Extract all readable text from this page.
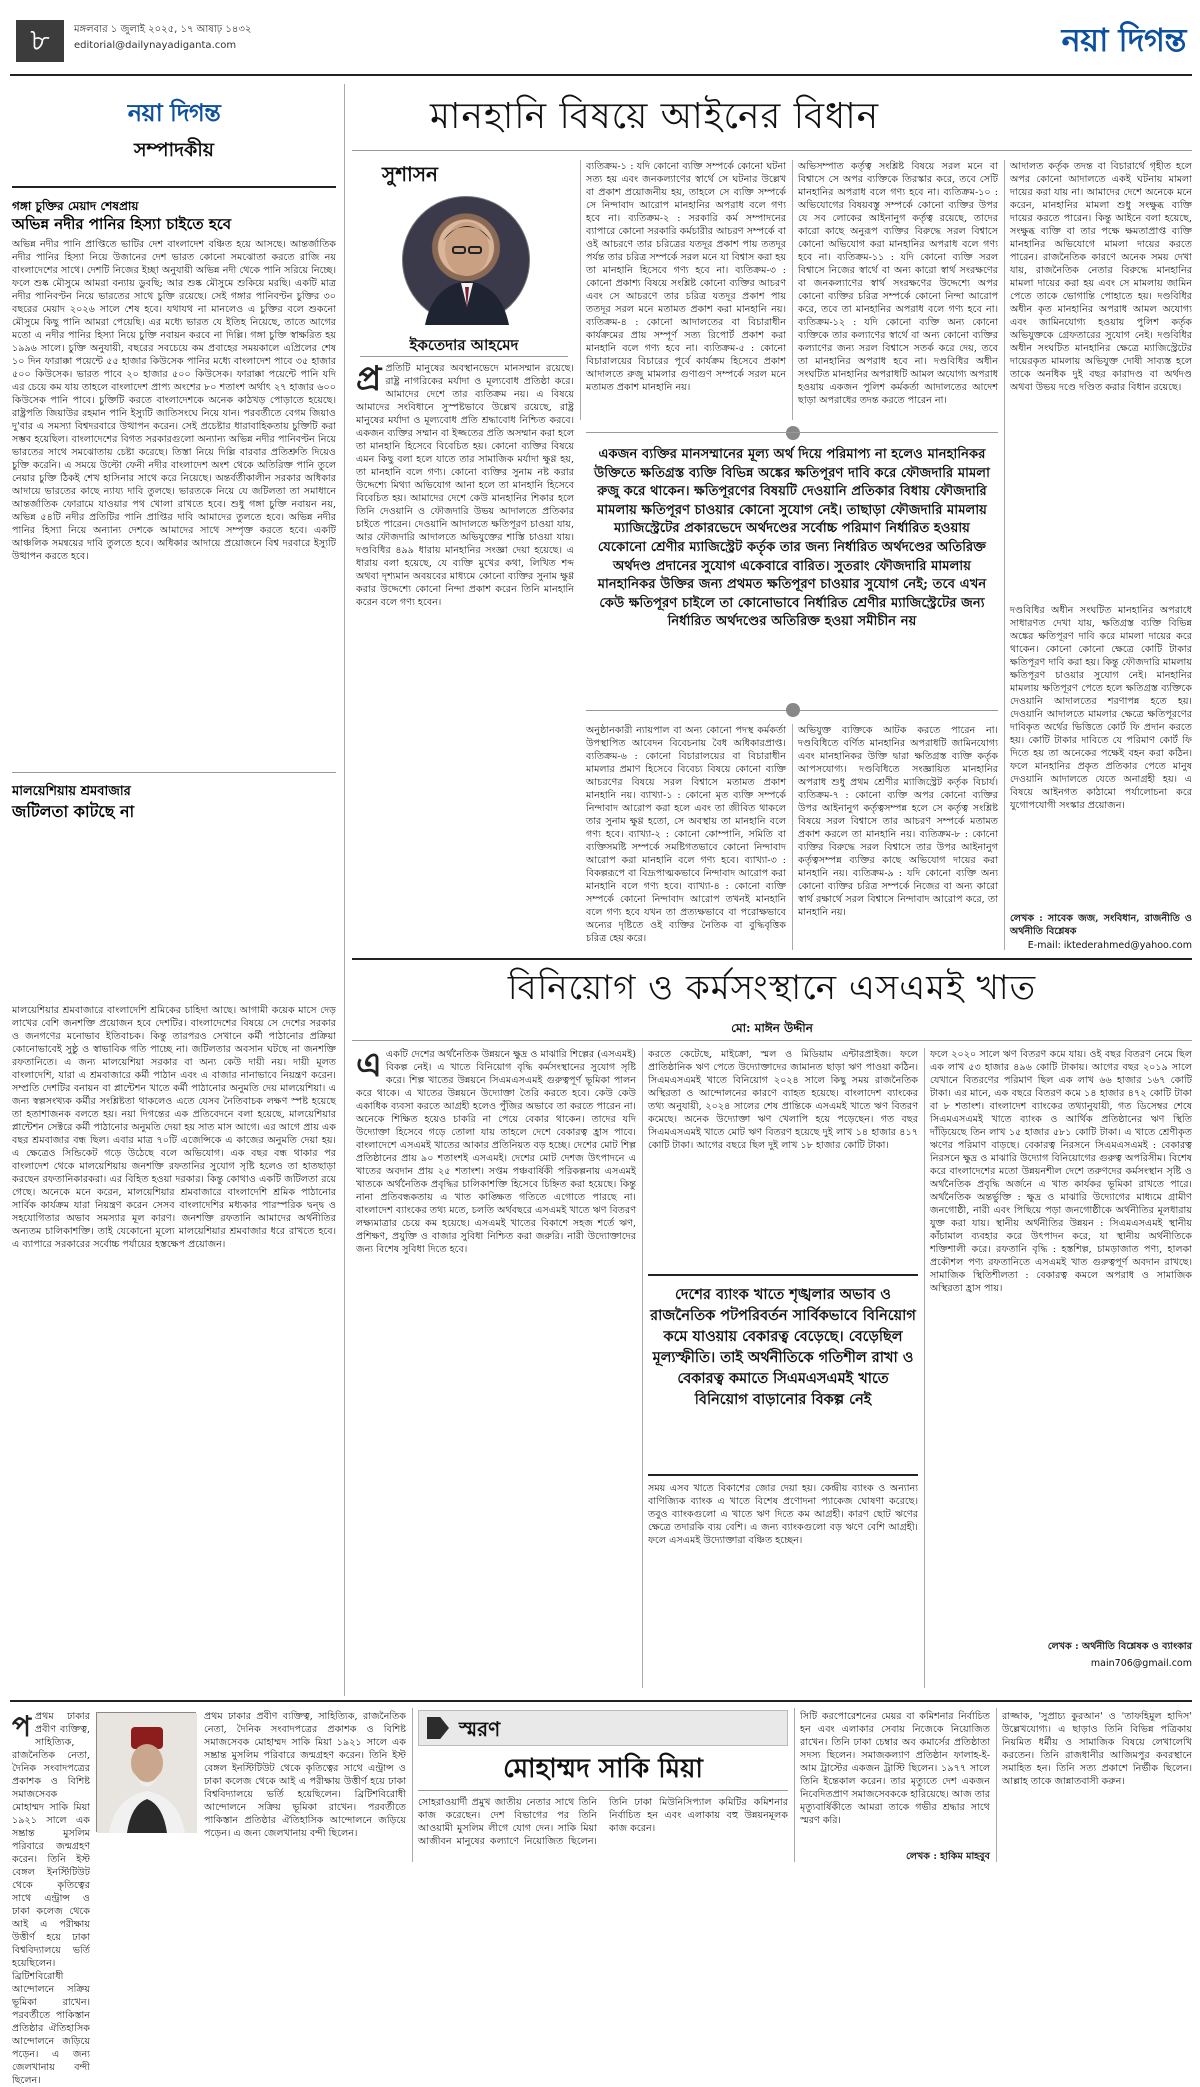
৮	মঙ্গলবার ১ জুলাই ২০২৫, ১৭ আষাঢ় ১৪৩২
editorial@dailynayadiganta.com	নয়া দিগন্ত
নয়া দিগন্ত
সম্পাদকীয়
গঙ্গা চুক্তির মেয়াদ শেষপ্রায়
অভিন্ন নদীর পানির হিস্যা চাইতে হবে
অভিন্ন নদীর পানি প্রাপ্তিতে ভাটির দেশ বাংলাদেশ বঞ্চিত হয়ে আসছে। আন্তর্জাতিক নদীর পানির হিস্যা নিয়ে উজানের দেশ ভারত কোনো সমঝোতা করতে রাজি নয় বাংলাদেশের সাথে। দেশটি নিজের ইচ্ছা অনুযায়ী অভিন্ন নদী থেকে পানি সরিয়ে নিচ্ছে। ফলে শুষ্ক মৌসুমে আমরা বন্যায় ডুবছি; আর শুষ্ক মৌসুমে শুকিয়ে মরছি। একটি মাত্র নদীর পানিবণ্টন নিয়ে ভারতের সাথে চুক্তি রয়েছে। সেই গঙ্গার পানিবণ্টন চুক্তির ৩০ বছরের মেয়াদ ২০২৬ সালে শেষ হবে। যথাযথ না মানলেও এ চুক্তির বলে শুকনো মৌসুমে কিছু পানি আমরা পেয়েছি। এর মধ্যে ভারত যে ইতিহ নিয়েছে, তাতে আগের মতো এ নদীর পানির হিস্যা নিয়ে চুক্তি নবায়ন করবে না দিল্লি। গঙ্গা চুক্তি স্বাক্ষরিত হয় ১৯৯৬ সালে। চুক্তি অনুযায়ী, বছরের সবচেয়ে কম প্রবাহের সময়কালে এপ্রিলের শেষ ১০ দিন ফারাক্কা পয়েন্টে ৫৫ হাজার কিউসেক পানির মধ্যে বাংলাদেশ পাবে ৩৫ হাজার ৫০০ কিউসেক। ভারত পাবে ২০ হাজার ৫০০ কিউসেক। ফারাক্কা পয়েন্টে পানি যদি এর চেয়ে কম যায় তাহলে বাংলাদেশ প্রাপ্য অংশের ৮০ শতাংশ অর্থাৎ ২৭ হাজার ৬০০ কিউসেক পানি পাবে। চুক্তিটি করতে বাংলাদেশকে অনেক কাঠখড় পোড়াতে হয়েছে। রাষ্ট্রপতি জিয়াউর রহমান পানি ইস্যুটি জাতিসংঘে নিয়ে যান। পরবর্তীতে বেগম জিয়াও দু'বার এ সমস্যা বিশ্বদরবারে উত্থাপন করেন। সেই প্রচেষ্টার ধারাবাহিকতায় চুক্তিটি করা সম্ভব হয়েছিল। বাংলাদেশের বিগত সরকারগুলো অন্যান্য অভিন্ন নদীর পানিবণ্টন নিয়ে ভারতের সাথে সমঝোতায় চেষ্টা করেছে। তিস্তা নিয়ে দিল্লি বারবার প্রতিশ্রুতি দিয়েও চুক্তি করেনি। এ সময়ে উল্টো ফেনী নদীর বাংলাদেশ অংশ থেকে অতিরিক্ত পানি তুলে নেয়ার চুক্তি ঠিকই শেখ হাসিনার সাথে করে নিয়েছে। অন্তর্বর্তীকালীন সরকার অধিকার আদায়ে ভারতের কাছে ন্যায্য দাবি তুলছে। ভারতকে নিয়ে যে জটিলতা তা সমাধানে আন্তর্জাতিক ফোরামে যাওয়ার পথ খোলা রাখতে হবে। শুধু গঙ্গা চুক্তি নবায়ন নয়, অভিন্ন ৫৪টি নদীর প্রতিটির পানি প্রাপ্তির দাবি আমাদের তুলতে হবে। অভিন্ন নদীর পানির হিস্যা নিয়ে অন্যান্য দেশকে আমাদের সাথে সম্পৃক্ত করতে হবে। একটি আঞ্চলিক সমন্বয়ের দাবি তুলতে হবে। অধিকার আদায়ে প্রয়োজনে বিশ্ব দরবারে ইস্যুটি উত্থাপন করতে হবে।
মালয়েশিয়ায় শ্রমবাজার
জটিলতা কাটছে না
মালয়েশিয়ার শ্রমবাজারে বাংলাদেশি শ্রমিকের চাহিদা আছে। আগামী কয়েক মাসে দেড় লাখের বেশি জনশক্তি প্রয়োজন হবে দেশটির। বাংলাদেশের বিষয়ে সে দেশের সরকার ও জনগণের মনোভাব ইতিবাচক। কিন্তু তারপরও সেখানে কর্মী পাঠানোর প্রক্রিয়া কোনোভাবেই সুষ্ঠু ও স্বাভাবিক গতি পাচ্ছে না। জটিলতার অবসান ঘটছে না জনশক্তি রফতানিতে। এ জন্য মালয়েশিয়া সরকার বা অন্য কেউ দায়ী নয়। দায়ী মূলত বাংলাদেশি, যারা এ শ্রমবাজারে কর্মী পাঠান এবং এ বাজার নানাভাবে নিয়ন্ত্রণ করেন। সম্প্রতি দেশটির বনায়ন বা প্লান্টেশন খাতে কর্মী পাঠানোর অনুমতি দেয় মালয়েশিয়া। এ জন্য স্বল্পসংখ্যক কর্মীর সংশ্লিষ্টতা থাকলেও এতে যেসব নৈতিবাচক লক্ষণ স্পষ্ট হয়েছে তা হতাশাজনক বলতে হয়। নয়া দিগন্তের এক প্রতিবেদনে বলা হয়েছে, মালয়েশিয়ার প্লান্টেশন সেক্টরে কর্মী পাঠানোর অনুমতি দেয়া হয় সাত মাস আগে। এর আগে প্রায় এক বছর শ্রমবাজার বন্ধ ছিল। এবার মাত্র ৭০টি এজেন্সিকে এ কাজের অনুমতি দেয়া হয়। এ ক্ষেত্রেও সিন্ডিকেট গড়ে উঠেছে বলে অভিযোগ। এক বছর বন্ধ থাকার পর বাংলাদেশ থেকে মালয়েশিয়ায় জনশক্তি রফতানির সুযোগ সৃষ্টি হলেও তা হাতছাড়া করছেন রফতানিকারকরা। এর বিহিত হওয়া দরকার। কিন্তু কোথাও একটি জটিলতা রয়ে গেছে। অনেকে মনে করেন, মালয়েশিয়ার শ্রমবাজারে বাংলাদেশি শ্রমিক পাঠানোর সার্বিক কার্যক্রম যারা নিয়ন্ত্রণ করেন সেসব বাংলাদেশির মধ্যকার পারস্পরিক দ্বন্দ্ব ও সহযোগিতার অভাব সমস্যার মূল কারণ। জনশক্তি রফতানি আমাদের অর্থনীতির অন্যতম চালিকাশক্তি। তাই যেকোনো মূল্যে মালয়েশিয়ার শ্রমবাজার ধরে রাখতে হবে। এ ব্যাপারে সরকারের সর্বোচ্চ পর্যায়ের হস্তক্ষেপ প্রয়োজন।
মানহানি বিষয়ে আইনের বিধান
সুশাসন
ইকতেদার আহমেদ
প্র প্রতিটি মানুষের অবস্থানভেদে মানসম্মান রয়েছে। রাষ্ট্র নাগরিকের মর্যাদা ও মূল্যবোধ প্রতিষ্ঠা করে। আমাদের দেশে তার ব্যতিক্রম নয়। এ বিষয়ে আমাদের সংবিধানে সুস্পষ্টভাবে উল্লেখ রয়েছে, রাষ্ট্র মানুষের মর্যাদা ও মূল্যবোধ প্রতি শ্রদ্ধাবোধ নিশ্চিত করবে। একজন ব্যক্তির সম্মান বা ইজ্জতের প্রতি অসম্মান করা হলে তা মানহানি হিসেবে বিবেচিত হয়। কোনো ব্যক্তির বিষয়ে এমন কিছু বলা হলে যাতে তার সামাজিক মর্যাদা ক্ষুণ্ণ হয়, তা মানহানি বলে গণ্য। কোনো ব্যক্তির সুনাম নষ্ট করার উদ্দেশ্যে মিথ্যা অভিযোগ আনা হলে তা মানহানি হিসেবে বিবেচিত হয়। আমাদের দেশে কেউ মানহানির শিকার হলে তিনি দেওয়ানি ও ফৌজদারি উভয় আদালতে প্রতিকার চাইতে পারেন। দেওয়ানি আদালতে ক্ষতিপূরণ চাওয়া যায়, আর ফৌজদারি আদালতে অভিযুক্তের শাস্তি চাওয়া যায়। দণ্ডবিধির ৪৯৯ ধারায় মানহানির সংজ্ঞা দেয়া হয়েছে। এ ধারায় বলা হয়েছে, যে ব্যক্তি মুখের কথা, লিখিত শব্দ অথবা দৃশ্যমান অবয়বের মাধ্যমে কোনো ব্যক্তির সুনাম ক্ষুণ্ণ করার উদ্দেশ্যে কোনো নিন্দা প্রকাশ করেন তিনি মানহানি করেন বলে গণ্য হবেন।
ব্যতিক্রম-১ : যদি কোনো ব্যক্তি সম্পর্কে কোনো ঘটনা সত্য হয় এবং জনকল্যাণের স্বার্থে সে ঘটনার উল্লেখ বা প্রকাশ প্রয়োজনীয় হয়, তাহলে সে ব্যক্তি সম্পর্কে সে নিন্দাবাদ আরোপ মানহানির অপরাধ বলে গণ্য হবে না। ব্যতিক্রম-২ : সরকারি কর্ম সম্পাদনের ব্যাপারে কোনো সরকারি কর্মচারীর আচরণ সম্পর্কে বা ওই আচরণে তার চরিত্রের যতদূর প্রকাশ পায় ততদূর পর্যন্ত তার চরিত্র সম্পর্কে সরল মনে যা বিশ্বাস করা হয় তা মানহানি হিসেবে গণ্য হবে না। ব্যতিক্রম-৩ : কোনো প্রকাশ্য বিষয়ে সংশ্লিষ্ট কোনো ব্যক্তির আচরণ এবং সে আচরণে তার চরিত্র যতদূর প্রকাশ পায় ততদূর সরল মনে মতামত প্রকাশ করা মানহানি নয়। ব্যতিক্রম-৪ : কোনো আদালতের বা বিচারাধীন কার্যক্রমের প্রায় সম্পূর্ণ সত্য রিপোর্ট প্রকাশ করা মানহানি বলে গণ্য হবে না। ব্যতিক্রম-৫ : কোনো বিচারালয়ের বিচারের পূর্বে কার্যক্রম হিসেবে প্রকাশ আদালতে রুজু মামলার গুণাগুণ সম্পর্কে সরল মনে মতামত প্রকাশ মানহানি নয়।
অভিসম্পাত কর্তৃত্ব সংশ্লিষ্ট বিষয়ে সরল মনে বা বিশ্বাসে সে অপর ব্যক্তিকে তিরস্কার করে, তবে সেটি মানহানির অপরাধ বলে গণ্য হবে না। ব্যতিক্রম-১০ : অভিযোগের বিষয়বস্তু সম্পর্কে কোনো ব্যক্তির উপর যে সব লোকের আইনানুগ কর্তৃত্ব রয়েছে, তাদের কারো কাছে অনুরূপ ব্যক্তির বিরুদ্ধে সরল বিশ্বাসে কোনো অভিযোগ করা মানহানির অপরাধ বলে গণ্য হবে না। ব্যতিক্রম-১১ : যদি কোনো ব্যক্তি সরল বিশ্বাসে নিজের স্বার্থে বা অন্য কারো স্বার্থ সংরক্ষণের বা জনকল্যাণের স্বার্থ সংরক্ষণের উদ্দেশ্যে অপর কোনো ব্যক্তির চরিত্র সম্পর্কে কোনো নিন্দা আরোপ করে, তবে তা মানহানির অপরাধ বলে গণ্য হবে না। ব্যতিক্রম-১২ : যদি কোনো ব্যক্তি অন্য কোনো ব্যক্তিকে তার কল্যাণের স্বার্থে বা অন্য কোনো ব্যক্তির কল্যাণের জন্য সরল বিশ্বাসে সতর্ক করে দেয়, তবে তা মানহানির অপরাধ হবে না। দণ্ডবিধির অধীন সংঘটিত মানহানির অপরাধটি আমল অযোগ্য অপরাধ হওয়ায় একজন পুলিশ কর্মকর্তা আদালতের আদেশ ছাড়া অপরাধের তদন্ত করতে পারেন না।
আদালত কর্তৃক তদন্ত বা বিচারার্থে গৃহীত হলে অপর কোনো আদালতে একই ঘটনায় মামলা দায়ের করা যায় না। আমাদের দেশে অনেকে মনে করেন, মানহানির মামলা শুধু সংক্ষুব্ধ ব্যক্তি দায়ের করতে পারেন। কিন্তু আইনে বলা হয়েছে, সংক্ষুব্ধ ব্যক্তি বা তার পক্ষে ক্ষমতাপ্রাপ্ত ব্যক্তি মানহানির অভিযোগে মামলা দায়ের করতে পারেন। রাজনৈতিক কারণে অনেক সময় দেখা যায়, রাজনৈতিক নেতার বিরুদ্ধে মানহানির মামলা দায়ের করা হয় এবং সে মামলায় জামিন পেতে তাকে ভোগান্তি পোহাতে হয়। দণ্ডবিধির অধীন কৃত মানহানির অপরাধ আমল অযোগ্য এবং জামিনযোগ্য হওয়ায় পুলিশ কর্তৃক অভিযুক্তকে গ্রেফতারের সুযোগ নেই। দণ্ডবিধির অধীন সংঘটিত মানহানির ক্ষেত্রে ম্যাজিস্ট্রেটের দায়েরকৃত মামলায় অভিযুক্ত দোষী সাব্যস্ত হলে তাকে অনধিক দুই বছর কারাদণ্ড বা অর্থদণ্ড অথবা উভয় দণ্ডে দণ্ডিত করার বিধান রয়েছে।
একজন ব্যক্তির মানসম্মানের মূল্য অর্থ দিয়ে পরিমাপ্য না হলেও মানহানিকর উক্তিতে ক্ষতিগ্রস্ত ব্যক্তি বিভিন্ন অঙ্কের ক্ষতিপূরণ দাবি করে ফৌজদারি মামলা রুজু করে থাকেন। ক্ষতিপূরণের বিষয়টি দেওয়ানি প্রতিকার বিধায় ফৌজদারি মামলায় ক্ষতিপূরণ চাওয়ার কোনো সুযোগ নেই। তাছাড়া ফৌজদারি মামলায় ম্যাজিস্ট্রেটের প্রকারভেদে অর্থদণ্ডের সর্বোচ্চ পরিমাণ নির্ধারিত হওয়ায় যেকোনো শ্রেণীর ম্যাজিস্ট্রেট কর্তৃক তার জন্য নির্ধারিত অর্থদণ্ডের অতিরিক্ত অর্থদণ্ড প্রদানের সুযোগ একেবারে বারিত। সুতরাং ফৌজদারি মামলায় মানহানিকর উক্তির জন্য প্রথমত ক্ষতিপূরণ চাওয়ার সুযোগ নেই; তবে এখন কেউ ক্ষতিপূরণ চাইলে তা কোনোভাবে নির্ধারিত শ্রেণীর ম্যাজিস্ট্রেটের জন্য নির্ধারিত অর্থদণ্ডের অতিরিক্ত হওয়া সমীচীন নয়
অনুষ্ঠানকারী ন্যায়পাল বা অন্য কোনো পদস্থ কর্মকর্তা উপস্থাপিত আবেদন বিবেচনায় বৈধ অধিকারপ্রাপ্ত। ব্যতিক্রম-৬ : কোনো বিচারালয়ের বা বিচারাধীন মামলার প্রমাণ হিসেবে বিবেচ্য বিষয়ে কোনো ব্যক্তি আচরণের বিষয়ে সরল বিশ্বাসে মতামত প্রকাশ মানহানি নয়। ব্যাখ্যা-১ : কোনো মৃত ব্যক্তি সম্পর্কে নিন্দাবাদ আরোপ করা হলে এবং তা জীবিত থাকলে তার সুনাম ক্ষুণ্ণ হতো, সে অবস্থায় তা মানহানি বলে গণ্য হবে। ব্যাখ্যা-২ : কোনো কোম্পানি, সমিতি বা ব্যক্তিসমষ্টি সম্পর্কে সমষ্টিগতভাবে কোনো নিন্দাবাদ আরোপ করা মানহানি বলে গণ্য হবে। ব্যাখ্যা-৩ : বিকল্পরূপে বা বিদ্রূপাত্মকভাবে নিন্দাবাদ আরোপ করা মানহানি বলে গণ্য হবে। ব্যাখ্যা-৪ : কোনো ব্যক্তি সম্পর্কে কোনো নিন্দাবাদ আরোপ তখনই মানহানি বলে গণ্য হবে যখন তা প্রত্যক্ষভাবে বা পরোক্ষভাবে অন্যের দৃষ্টিতে ওই ব্যক্তির নৈতিক বা বুদ্ধিবৃত্তিক চরিত্র হেয় করে।
অভিযুক্ত ব্যক্তিকে আটক করতে পারেন না। দণ্ডবিধিতে বর্ণিত মানহানির অপরাধটি জামিনযোগ্য এবং মানহানিকর উক্তি দ্বারা ক্ষতিগ্রস্ত ব্যক্তি কর্তৃক আপসযোগ্য। দণ্ডবিধিতে সংজ্ঞায়িত মানহানির অপরাধ শুধু প্রথম শ্রেণীর ম্যাজিস্ট্রেট কর্তৃক বিচার্য। ব্যতিক্রম-৭ : কোনো ব্যক্তি অপর কোনো ব্যক্তির উপর আইনানুগ কর্তৃত্বসম্পন্ন হলে সে কর্তৃত্ব সংশ্লিষ্ট বিষয়ে সরল বিশ্বাসে তার আচরণ সম্পর্কে মতামত প্রকাশ করলে তা মানহানি নয়। ব্যতিক্রম-৮ : কোনো ব্যক্তির বিরুদ্ধে সরল বিশ্বাসে তার উপর আইনানুগ কর্তৃত্বসম্পন্ন ব্যক্তির কাছে অভিযোগ দায়ের করা মানহানি নয়। ব্যতিক্রম-৯ : যদি কোনো ব্যক্তি অন্য কোনো ব্যক্তির চরিত্র সম্পর্কে নিজের বা অন্য কারো স্বার্থ রক্ষার্থে সরল বিশ্বাসে নিন্দাবাদ আরোপ করে, তা মানহানি নয়।
দণ্ডবিধির অধীন সংঘটিত মানহানির অপরাধে সাধারণত দেখা যায়, ক্ষতিগ্রস্ত ব্যক্তি বিভিন্ন অঙ্কের ক্ষতিপূরণ দাবি করে মামলা দায়ের করে থাকেন। কোনো কোনো ক্ষেত্রে কোটি টাকার ক্ষতিপূরণ দাবি করা হয়। কিন্তু ফৌজদারি মামলায় ক্ষতিপূরণ চাওয়ার সুযোগ নেই। মানহানির মামলায় ক্ষতিপূরণ পেতে হলে ক্ষতিগ্রস্ত ব্যক্তিকে দেওয়ানি আদালতের শরণাপন্ন হতে হয়। দেওয়ানি আদালতে মামলার ক্ষেত্রে ক্ষতিপূরণের দাবিকৃত অর্থের ভিত্তিতে কোর্ট ফি প্রদান করতে হয়। কোটি টাকার দাবিতে যে পরিমাণ কোর্ট ফি দিতে হয় তা অনেকের পক্ষেই বহন করা কঠিন। ফলে মানহানির প্রকৃত প্রতিকার পেতে মানুষ দেওয়ানি আদালতে যেতে অনাগ্রহী হয়। এ বিষয়ে আইনগত কাঠামো পর্যালোচনা করে যুগোপযোগী সংস্কার প্রয়োজন।
লেখক : সাবেক জজ, সংবিধান, রাজনীতি ও অর্থনীতি বিশ্লেষক
E-mail: iktederahmed@yahoo.com
বিনিয়োগ ও কর্মসংস্থানে এসএমই খাত
মো: মাঈন উদ্দীন
এএকটি দেশের অর্থনৈতিক উন্নয়নে ক্ষুদ্র ও মাঝারি শিল্পের (এসএমই) বিকল্প নেই। এ খাতে বিনিয়োগ বৃদ্ধি কর্মসংস্থানের সুযোগ সৃষ্টি করে। শিল্প খাতের উন্নয়নে সিএমএসএমই গুরুত্বপূর্ণ ভূমিকা পালন করে থাকে। এ খাতের উন্নয়নে উদ্যোক্তা তৈরি করতে হবে। কেউ কেউ একাধিক ব্যবসা করতে আগ্রহী হলেও পুঁজির অভাবে তা করতে পারেন না। অনেকে শিক্ষিত হয়েও চাকরি না পেয়ে বেকার থাকেন। তাদের যদি উদ্যোক্তা হিসেবে গড়ে তোলা যায় তাহলে দেশে বেকারত্ব হ্রাস পাবে। বাংলাদেশে এসএমই খাতের আকার প্রতিনিয়ত বড় হচ্ছে। দেশের মোট শিল্প প্রতিষ্ঠানের প্রায় ৯০ শতাংশই এসএমই। দেশের মোট দেশজ উৎপাদনে এ খাতের অবদান প্রায় ২৫ শতাংশ। সপ্তম পঞ্চবার্ষিকী পরিকল্পনায় এসএমই খাতকে অর্থনৈতিক প্রবৃদ্ধির চালিকাশক্তি হিসেবে চিহ্নিত করা হয়েছে। কিন্তু নানা প্রতিবন্ধকতায় এ খাত কাঙ্ক্ষিত গতিতে এগোতে পারছে না। বাংলাদেশ ব্যাংকের তথ্য মতে, চলতি অর্থবছরে এসএমই খাতে ঋণ বিতরণ লক্ষ্যমাত্রার চেয়ে কম হয়েছে। এসএমই খাতের বিকাশে সহজ শর্তে ঋণ, প্রশিক্ষণ, প্রযুক্তি ও বাজার সুবিধা নিশ্চিত করা জরুরি। নারী উদ্যোক্তাদের জন্য বিশেষ সুবিধা দিতে হবে।
করতে কেটেছে, মাইক্রো, স্মল ও মিডিয়াম এন্টারপ্রাইজ। ফলে প্রাতিষ্ঠানিক ঋণ পেতে উদ্যোক্তাদের জামানত ছাড়া ঋণ পাওয়া কঠিন। সিএমএসএমই খাতে বিনিয়োগ ২০২৪ সালে কিছু সময় রাজনৈতিক অস্থিরতা ও আন্দোলনের কারণে ব্যাহত হয়েছে। বাংলাদেশ ব্যাংকের তথ্য অনুযায়ী, ২০২৪ সালের শেষ প্রান্তিকে এসএমই খাতে ঋণ বিতরণ কমেছে। অনেক উদ্যোক্তা ঋণ খেলাপি হয়ে পড়েছেন। গত বছর সিএমএসএমই খাতে মোট ঋণ বিতরণ হয়েছে দুই লাখ ১৪ হাজার ৪১৭ কোটি টাকা। আগের বছরে ছিল দুই লাখ ১৮ হাজার কোটি টাকা।
দেশের ব্যাংক খাতে শৃঙ্খলার অভাব ও রাজনৈতিক পটপরিবর্তন সার্বিকভাবে বিনিয়োগ কমে যাওয়ায় বেকারত্ব বেড়েছে। বেড়েছিল মূল্যস্ফীতি। তাই অর্থনীতিকে গতিশীল রাখা ও বেকারত্ব কমাতে সিএমএসএমই খাতে বিনিয়োগ বাড়ানোর বিকল্প নেই
সময় এসব খাতে বিকাশের জোর দেয়া হয়। কেন্দ্রীয় ব্যাংক ও অন্যান্য বাণিজ্যিক ব্যাংক এ খাতে বিশেষ প্রণোদনা প্যাকেজ ঘোষণা করেছে। তবুও ব্যাংকগুলো এ খাতে ঋণ দিতে কম আগ্রহী। কারণ ছোট ঋণের ক্ষেত্রে তদারকি ব্যয় বেশি। এ জন্য ব্যাংকগুলো বড় ঋণে বেশি আগ্রহী। ফলে এসএমই উদ্যোক্তারা বঞ্চিত হচ্ছেন।
ফলে ২০২০ সালে ঋণ বিতরণ কমে যায়। ওই বছর বিতরণ নেমে ছিল এক লাখ ৫৩ হাজার ৪৯৬ কোটি টাকায়। আগের বছর ২০১৯ সালে যেখানে বিতরণের পরিমাণ ছিল এক লাখ ৬৬ হাজার ১৬৭ কোটি টাকা। এর মানে, এক বছরে বিতরণ কমে ১৪ হাজার ৪৭২ কোটি টাকা বা ৮ শতাংশ। বাংলাদেশ ব্যাংকের তথ্যানুযায়ী, গত ডিসেম্বর শেষে সিএমএসএমই খাতে ব্যাংক ও আর্থিক প্রতিষ্ঠানের ঋণ স্থিতি দাঁড়িয়েছে তিন লাখ ১৫ হাজার ৫৮১ কোটি টাকা। এ খাতে শ্রেণীকৃত ঋণের পরিমাণ বাড়ছে। বেকারত্ব নিরসনে সিএমএসএমই : বেকারত্ব নিরসনে ক্ষুদ্র ও মাঝারি উদ্যোগ বিনিয়োগের গুরুত্ব অপরিসীম। বিশেষ করে বাংলাদেশের মতো উন্নয়নশীল দেশে তরুণদের কর্মসংস্থান সৃষ্টি ও অর্থনৈতিক প্রবৃদ্ধি অর্জনে এ খাত কার্যকর ভূমিকা রাখতে পারে। অর্থনৈতিক অন্তর্ভুক্তি : ক্ষুদ্র ও মাঝারি উদ্যোগের মাধ্যমে গ্রামীণ জনগোষ্ঠী, নারী এবং পিছিয়ে পড়া জনগোষ্ঠীকে অর্থনীতির মূলধারায় যুক্ত করা যায়। স্থানীয় অর্থনীতির উন্নয়ন : সিএমএসএমই স্থানীয় কাঁচামাল ব্যবহার করে উৎপাদন করে, যা স্থানীয় অর্থনীতিকে শক্তিশালী করে। রফতানি বৃদ্ধি : হস্তশিল্প, চামড়াজাত পণ্য, হালকা প্রকৌশল পণ্য রফতানিতে এসএমই খাত গুরুত্বপূর্ণ অবদান রাখছে। সামাজিক স্থিতিশীলতা : বেকারত্ব কমলে অপরাধ ও সামাজিক অস্থিরতা হ্রাস পায়।
লেখক : অর্থনীতি বিশ্লেষক ও ব্যাংকার
main706@gmail.com
পপ্রথম ঢাকার প্রবীণ ব্যক্তিত্ব, সাহিত্যিক, রাজনৈতিক নেতা, দৈনিক সংবাদপত্রের প্রকাশক ও বিশিষ্ট সমাজসেবক মোহাম্মদ সাকি মিয়া ১৯২১ সালে এক সম্ভ্রান্ত মুসলিম পরিবারে জন্মগ্রহণ করেন। তিনি ইস্ট বেঙ্গল ইনস্টিটিউট থেকে কৃতিত্বের সাথে এন্ট্রান্স ও ঢাকা কলেজ থেকে আই এ পরীক্ষায় উত্তীর্ণ হয়ে ঢাকা বিশ্ববিদ্যালয়ে ভর্তি হয়েছিলেন। ব্রিটিশবিরোধী আন্দোলনে সক্রিয় ভূমিকা রাখেন। পরবর্তীতে পাকিস্তান প্রতিষ্ঠার ঐতিহাসিক আন্দোলনে জড়িয়ে পড়েন। এ জন্য জেলখানায় বন্দী ছিলেন।
প্রথম ঢাকার প্রবীণ ব্যক্তিত্ব, সাহিত্যিক, রাজনৈতিক নেতা, দৈনিক সংবাদপত্রের প্রকাশক ও বিশিষ্ট সমাজসেবক মোহাম্মদ সাকি মিয়া ১৯২১ সালে এক সম্ভ্রান্ত মুসলিম পরিবারে জন্মগ্রহণ করেন। তিনি ইস্ট বেঙ্গল ইনস্টিটিউট থেকে কৃতিত্বের সাথে এন্ট্রান্স ও ঢাকা কলেজ থেকে আই এ পরীক্ষায় উত্তীর্ণ হয়ে ঢাকা বিশ্ববিদ্যালয়ে ভর্তি হয়েছিলেন। ব্রিটিশবিরোধী আন্দোলনে সক্রিয় ভূমিকা রাখেন। পরবর্তীতে পাকিস্তান প্রতিষ্ঠার ঐতিহাসিক আন্দোলনে জড়িয়ে পড়েন। এ জন্য জেলখানায় বন্দী ছিলেন।
স্মরণ
মোহাম্মদ সাকি মিয়া
সোহরাওয়ার্দী প্রমুখ জাতীয় নেতার সাথে তিনি কাজ করেছেন। দেশ বিভাগের পর তিনি আওয়ামী মুসলিম লীগে যোগ দেন। সাকি মিয়া আজীবন মানুষের কল্যাণে নিয়োজিত ছিলেন। তিনি ঢাকা মিউনিসিপ্যাল কমিটির কমিশনার নির্বাচিত হন এবং এলাকায় বহু উন্নয়নমূলক কাজ করেন।
সিটি করপোরেশনের মেয়র বা কমিশনার নির্বাচিত হন এবং এলাকার সেবায় নিজেকে নিয়োজিত রাখেন। তিনি ঢাকা চেম্বার অব কমার্সের প্রতিষ্ঠাতা সদস্য ছিলেন। সমাজকল্যাণ প্রতিষ্ঠান ফালাহ-ই-আম ট্রাস্টের একজন ট্রাস্টি ছিলেন। ১৯৭৭ সালে তিনি ইন্তেকাল করেন। তার মৃত্যুতে দেশ একজন নিবেদিতপ্রাণ সমাজসেবককে হারিয়েছে। আজ তার মৃত্যুবার্ষিকীতে আমরা তাকে গভীর শ্রদ্ধার সাথে স্মরণ করি।
লেখক : হাকিম মাহবুব
রাজ্জাক, 'সুপ্রাচ্য কুরআন' ও 'তাফহিমুল হাদিস' উল্লেখযোগ্য। এ ছাড়াও তিনি বিভিন্ন পত্রিকায় নিয়মিত ধর্মীয় ও সামাজিক বিষয়ে লেখালেখি করতেন। তিনি রাজধানীর আজিমপুর কবরস্থানে সমাহিত হন। তিনি সত্য প্রকাশে নির্ভীক ছিলেন। আল্লাহ তাকে জান্নাতবাসী করুন।
